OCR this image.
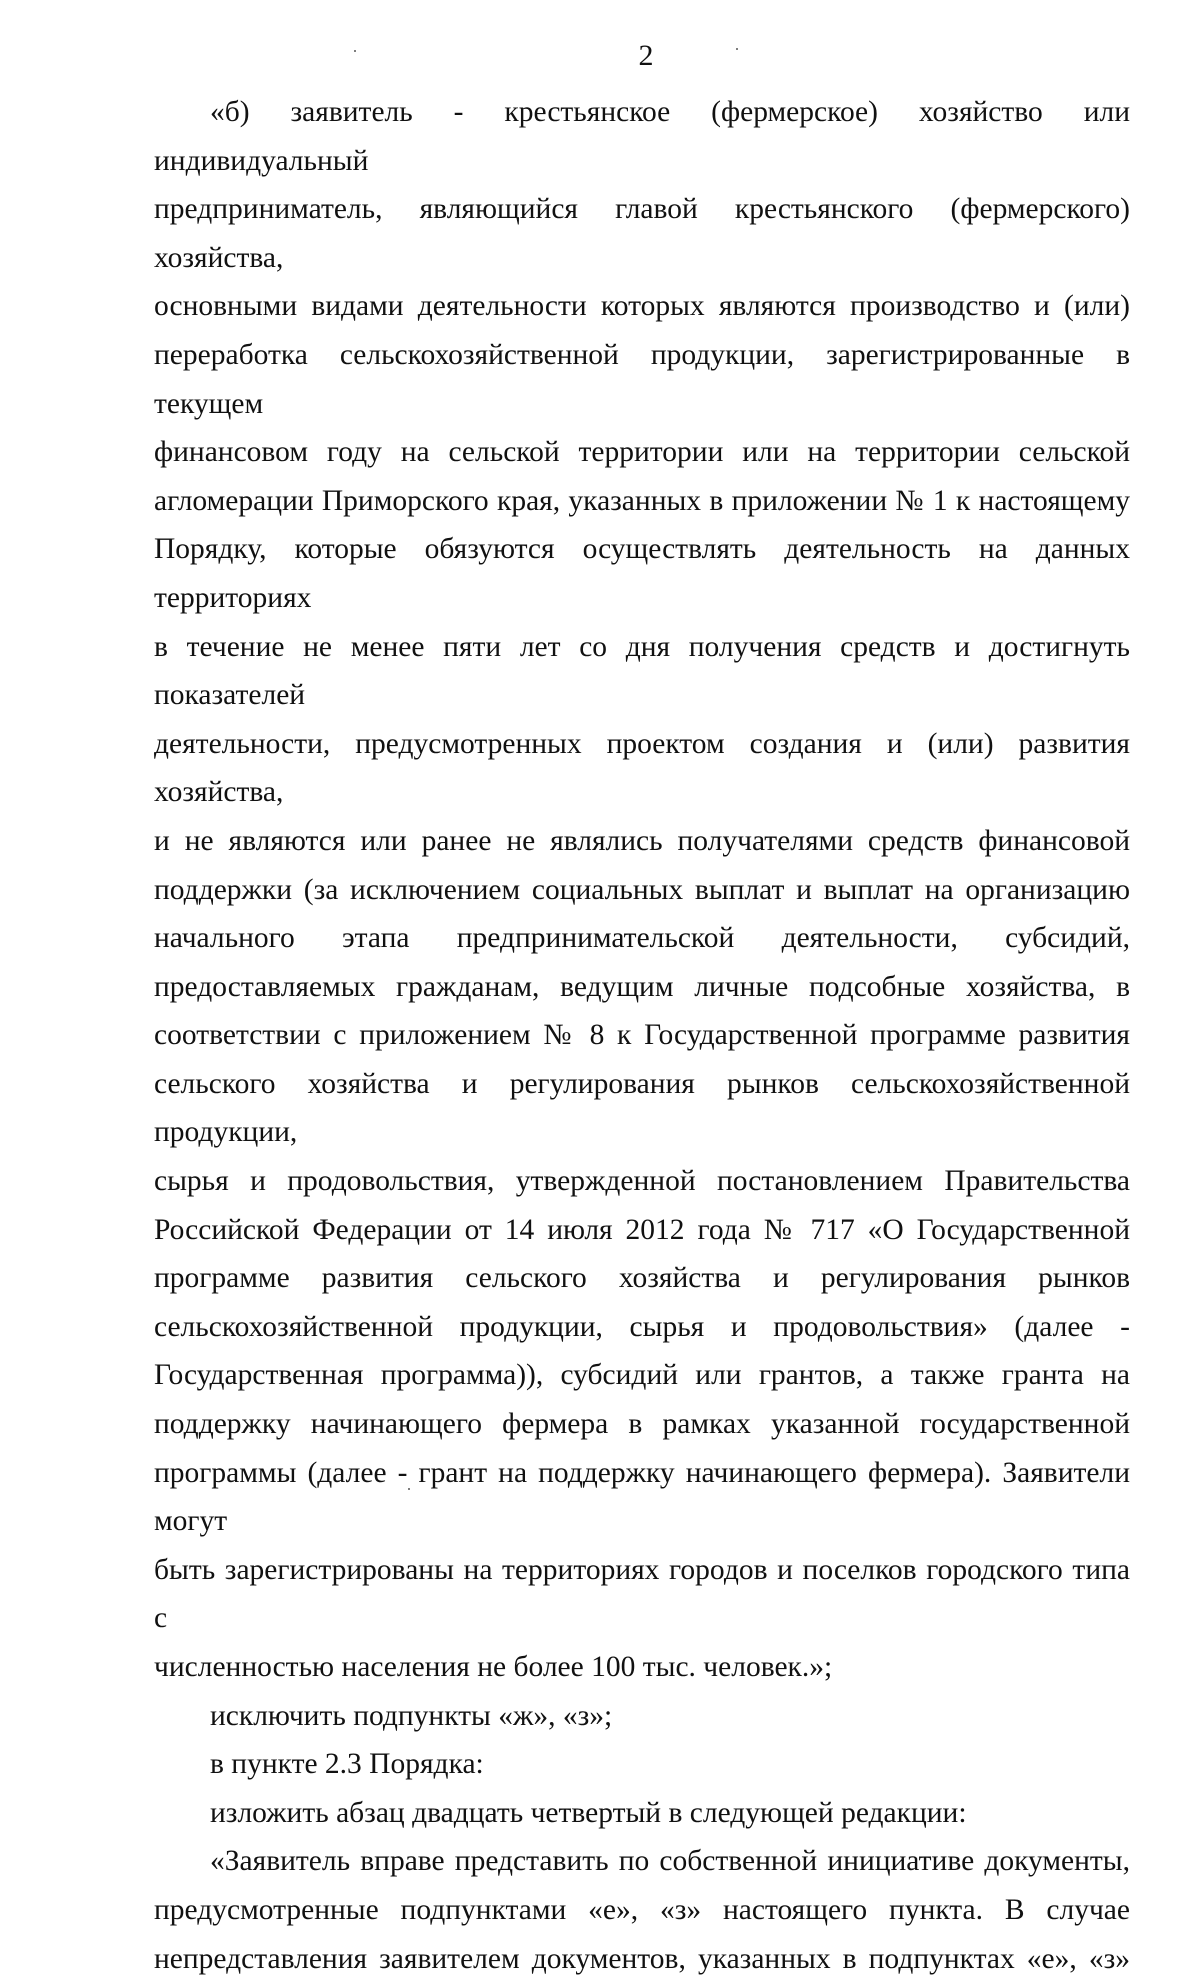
2

«б) заявитель - крестьянское (фермерское) хозяйство или индивидуальный

предприниматель, являющийся главой крестьянского (фермерского) хозяйства,

основными видами деятельности которых являются производство и (или)

переработка сельскохозяйственной продукции, зарегистрированные в текущем

финансовом году на сельской территории или на территории сельской

агломерации Приморского края, указанных в приложении № 1 к настоящему

Порядку, которые обязуются осуществлять деятельность на данных территориях

в течение не менее пяти лет со дня получения средств и достигнуть показателей

деятельности, предусмотренных проектом создания и (или) развития хозяйства,

и не являются или ранее не являлись получателями средств финансовой

поддержки (за исключением социальных выплат и выплат на организацию

начального этапа предпринимательской деятельности, субсидий,

предоставляемых гражданам, ведущим личные подсобные хозяйства, в

соответствии с приложением № 8 к Государственной программе развития

сельского хозяйства и регулирования рынков сельскохозяйственной продукции,

сырья и продовольствия, утвержденной постановлением Правительства

Российской Федерации от 14 июля 2012 года № 717 «О Государственной

программе развития сельского хозяйства и регулирования рынков

сельскохозяйственной продукции, сырья и продовольствия» (далее -

Государственная программа)), субсидий или грантов, а также гранта на

поддержку начинающего фермера в рамках указанной государственной

программы (далее - грант на поддержку начинающего фермера). Заявители могут

быть зарегистрированы на территориях городов и поселков городского типа с

численностью населения не более 100 тыс. человек.»;

исключить подпункты «ж», «з»;

в пункте 2.3 Порядка:

изложить абзац двадцать четвертый в следующей редакции:

«Заявитель вправе представить по собственной инициативе документы,

предусмотренные подпунктами «е», «з» настоящего пункта. В случае

непредставления заявителем документов, указанных в подпунктах «е», «з»
